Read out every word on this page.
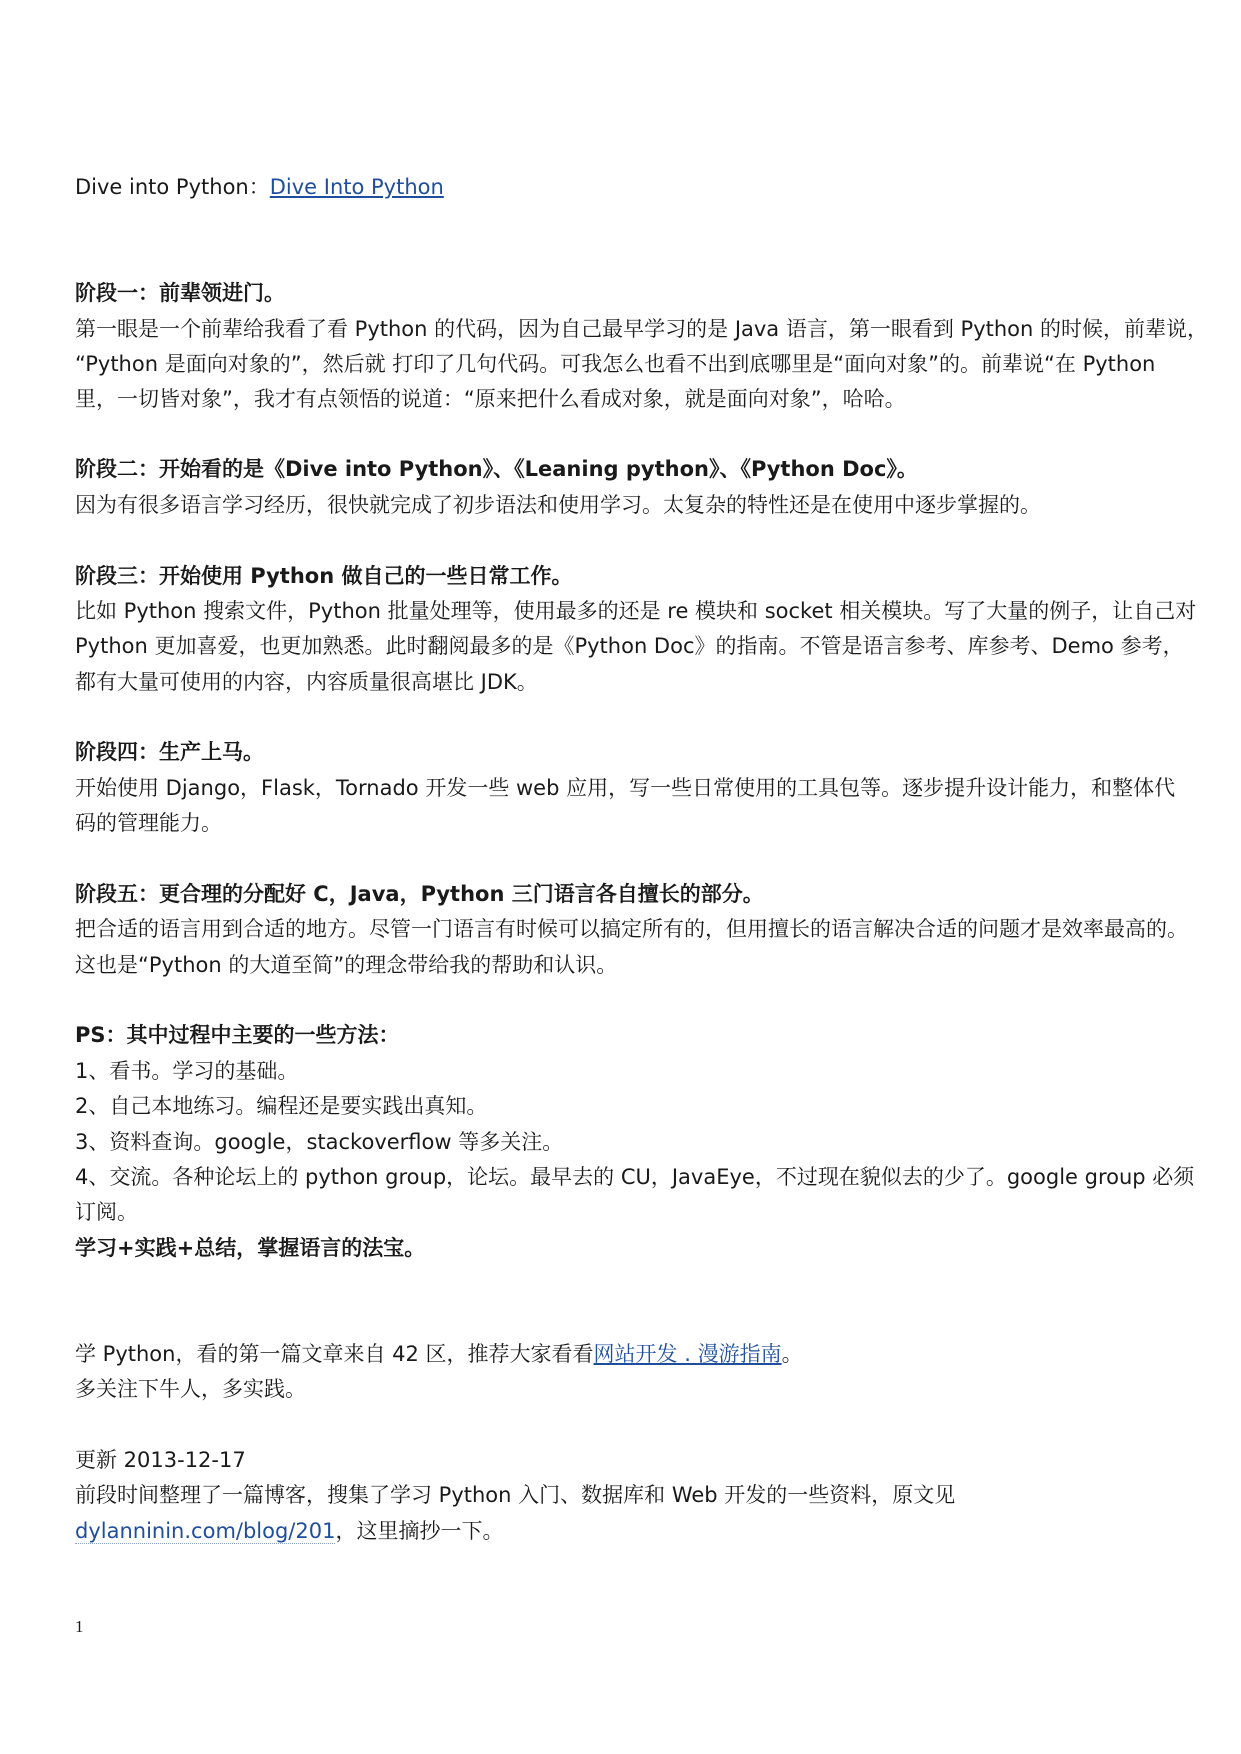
Dive into Python：Dive Into Python
阶段一：前辈领进门。
第一眼是一个前辈给我看了看 Python 的代码，因为自己最早学习的是 Java 语言，第一眼看到 Python 的时候，前辈说，
“Python 是面向对象的”，然后就 打印了几句代码。可我怎么也看不出到底哪里是“面向对象”的。前辈说“在 Python
里，一切皆对象”，我才有点领悟的说道：“原来把什么看成对象，就是面向对象”，哈哈。
阶段二：开始看的是《Dive into Python》、《Leaning python》、《Python Doc》。
因为有很多语言学习经历，很快就完成了初步语法和使用学习。太复杂的特性还是在使用中逐步掌握的。
阶段三：开始使用 Python 做自己的一些日常工作。
比如 Python 搜索文件，Python 批量处理等，使用最多的还是 re 模块和 socket 相关模块。写了大量的例子，让自己对
Python 更加喜爱，也更加熟悉。此时翻阅最多的是《Python Doc》的指南。不管是语言参考、库参考、Demo 参考，
都有大量可使用的内容，内容质量很高堪比 JDK。
阶段四：生产上马。
开始使用 Django，Flask，Tornado 开发一些 web 应用，写一些日常使用的工具包等。逐步提升设计能力，和整体代
码的管理能力。
阶段五：更合理的分配好 C，Java，Python 三门语言各自擅长的部分。
把合适的语言用到合适的地方。尽管一门语言有时候可以搞定所有的，但用擅长的语言解决合适的问题才是效率最高的。
这也是“Python 的大道至简”的理念带给我的帮助和认识。
PS：其中过程中主要的一些方法：
1、看书。学习的基础。
2、自己本地练习。编程还是要实践出真知。
3、资料查询。google，stackoverflow 等多关注。
4、交流。各种论坛上的 python group，论坛。最早去的 CU，JavaEye，不过现在貌似去的少了。google group 必须
订阅。
学习+实践+总结，掌握语言的法宝。
学 Python，看的第一篇文章来自 42 区，推荐大家看看网站开发 . 漫游指南。
多关注下牛人，多实践。
更新 2013-12-17
前段时间整理了一篇博客，搜集了学习 Python 入门、数据库和 Web 开发的一些资料，原文见
dylanninin.com/blog/201，这里摘抄一下。
1
